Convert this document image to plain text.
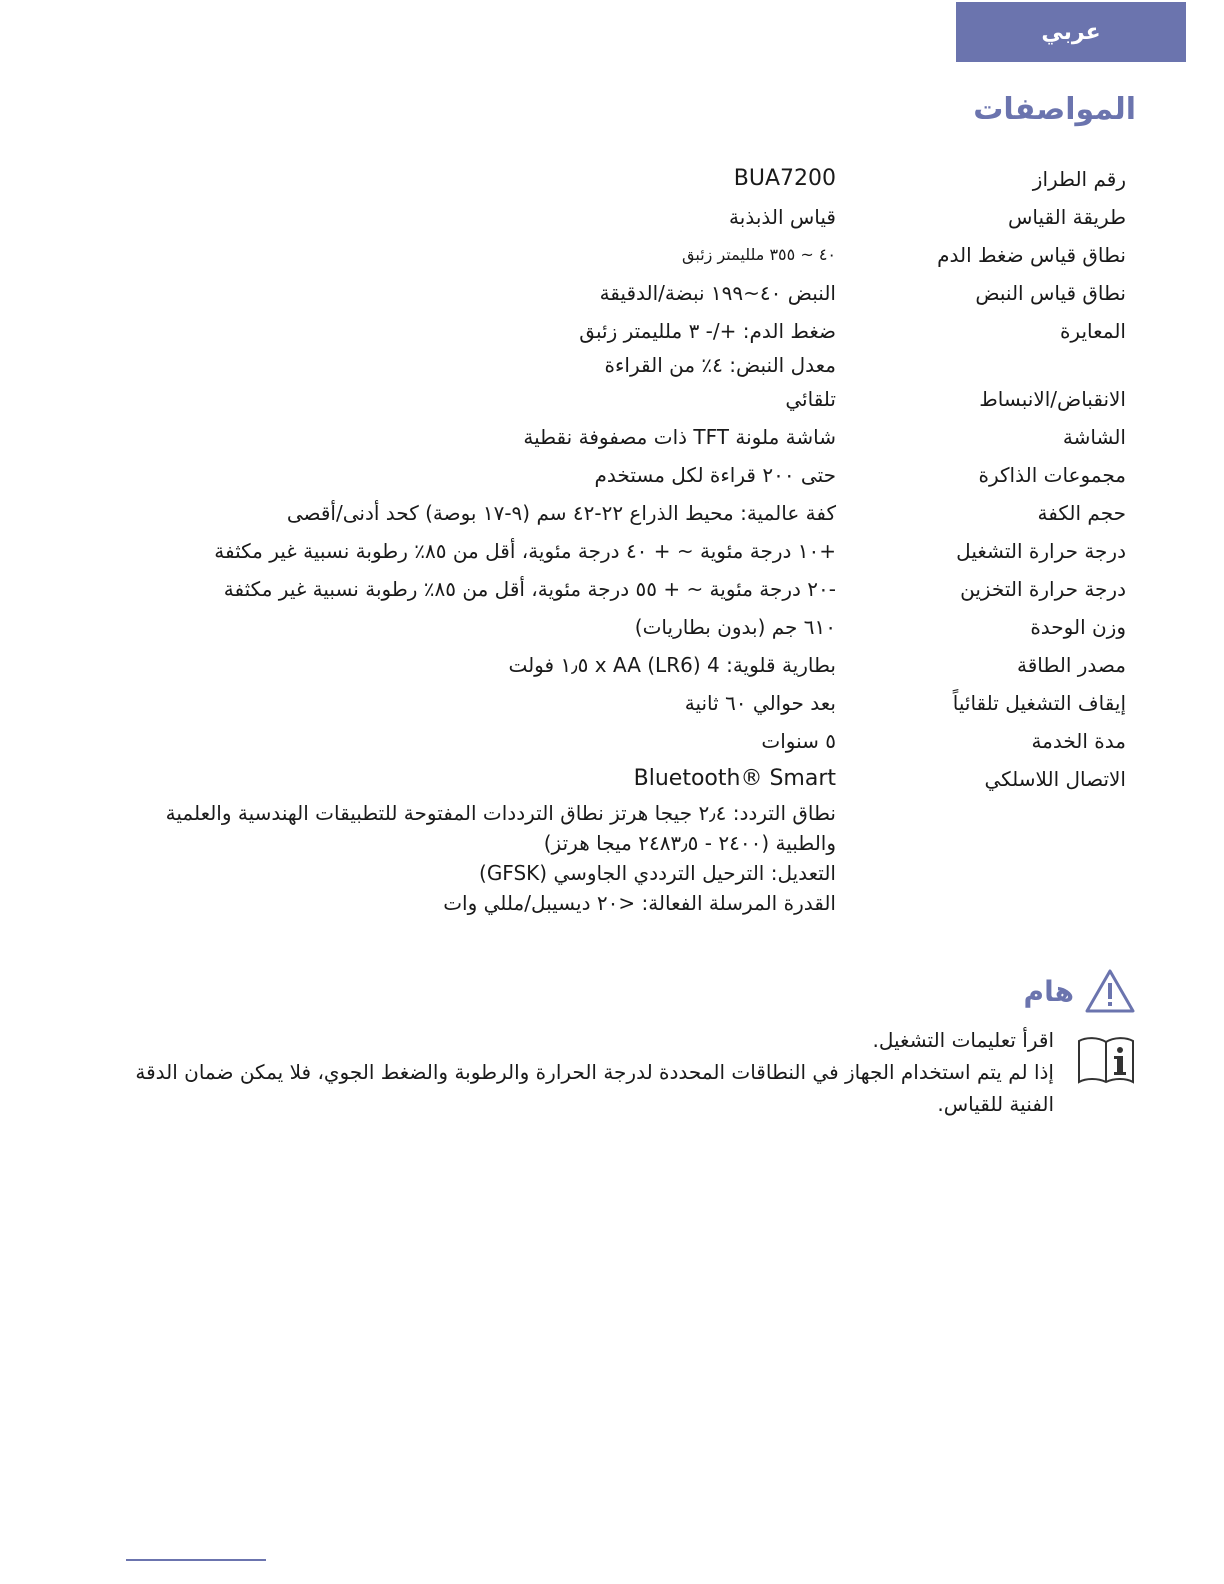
عربي
المواصفات
رقم الطراز
BUA7200
طريقة القياس
قياس الذبذبة
نطاق قياس ضغط الدم
٤٠ ~ ٣٥٥ ملليمتر زئبق
نطاق قياس النبض
النبض ٤٠~١٩٩ نبضة/الدقيقة
المعايرة
ضغط الدم: +/- ٣ ملليمتر زئبق
معدل النبض: ٤٪ من القراءة
الانقباض/الانبساط
تلقائي
الشاشة
شاشة ملونة TFT ذات مصفوفة نقطية
مجموعات الذاكرة
حتى ٢٠٠ قراءة لكل مستخدم
حجم الكفة
كفة عالمية: محيط الذراع ٢٢-٤٢ سم (٩-١٧ بوصة) كحد أدنى/أقصى
درجة حرارة التشغيل
+١٠ درجة مئوية ~ + ٤٠ درجة مئوية، أقل من ٨٥٪ رطوبة نسبية غير مكثفة
درجة حرارة التخزين
-٢٠ درجة مئوية ~ + ٥٥ درجة مئوية، أقل من ٨٥٪ رطوبة نسبية غير مكثفة
وزن الوحدة
٦١٠ جم (بدون بطاريات)
مصدر الطاقة
بطارية قلوية: 4 x AA (LR6) ١٫٥ فولت
إيقاف التشغيل تلقائياً
بعد حوالي ٦٠ ثانية
مدة الخدمة
٥ سنوات
الاتصال اللاسلكي
Bluetooth® Smart
نطاق التردد: ٢٫٤ جيجا هرتز نطاق الترددات المفتوحة للتطبيقات الهندسية والعلمية
والطبية (٢٤٠٠ - ٢٤٨٣٫٥ ميجا هرتز)
التعديل: الترحيل الترددي الجاوسي (GFSK)
القدرة المرسلة الفعالة: <٢٠ ديسيبل/مللي وات
هام
اقرأ تعليمات التشغيل.
إذا لم يتم استخدام الجهاز في النطاقات المحددة لدرجة الحرارة والرطوبة والضغط الجوي، فلا يمكن ضمان الدقة
الفنية للقياس.
